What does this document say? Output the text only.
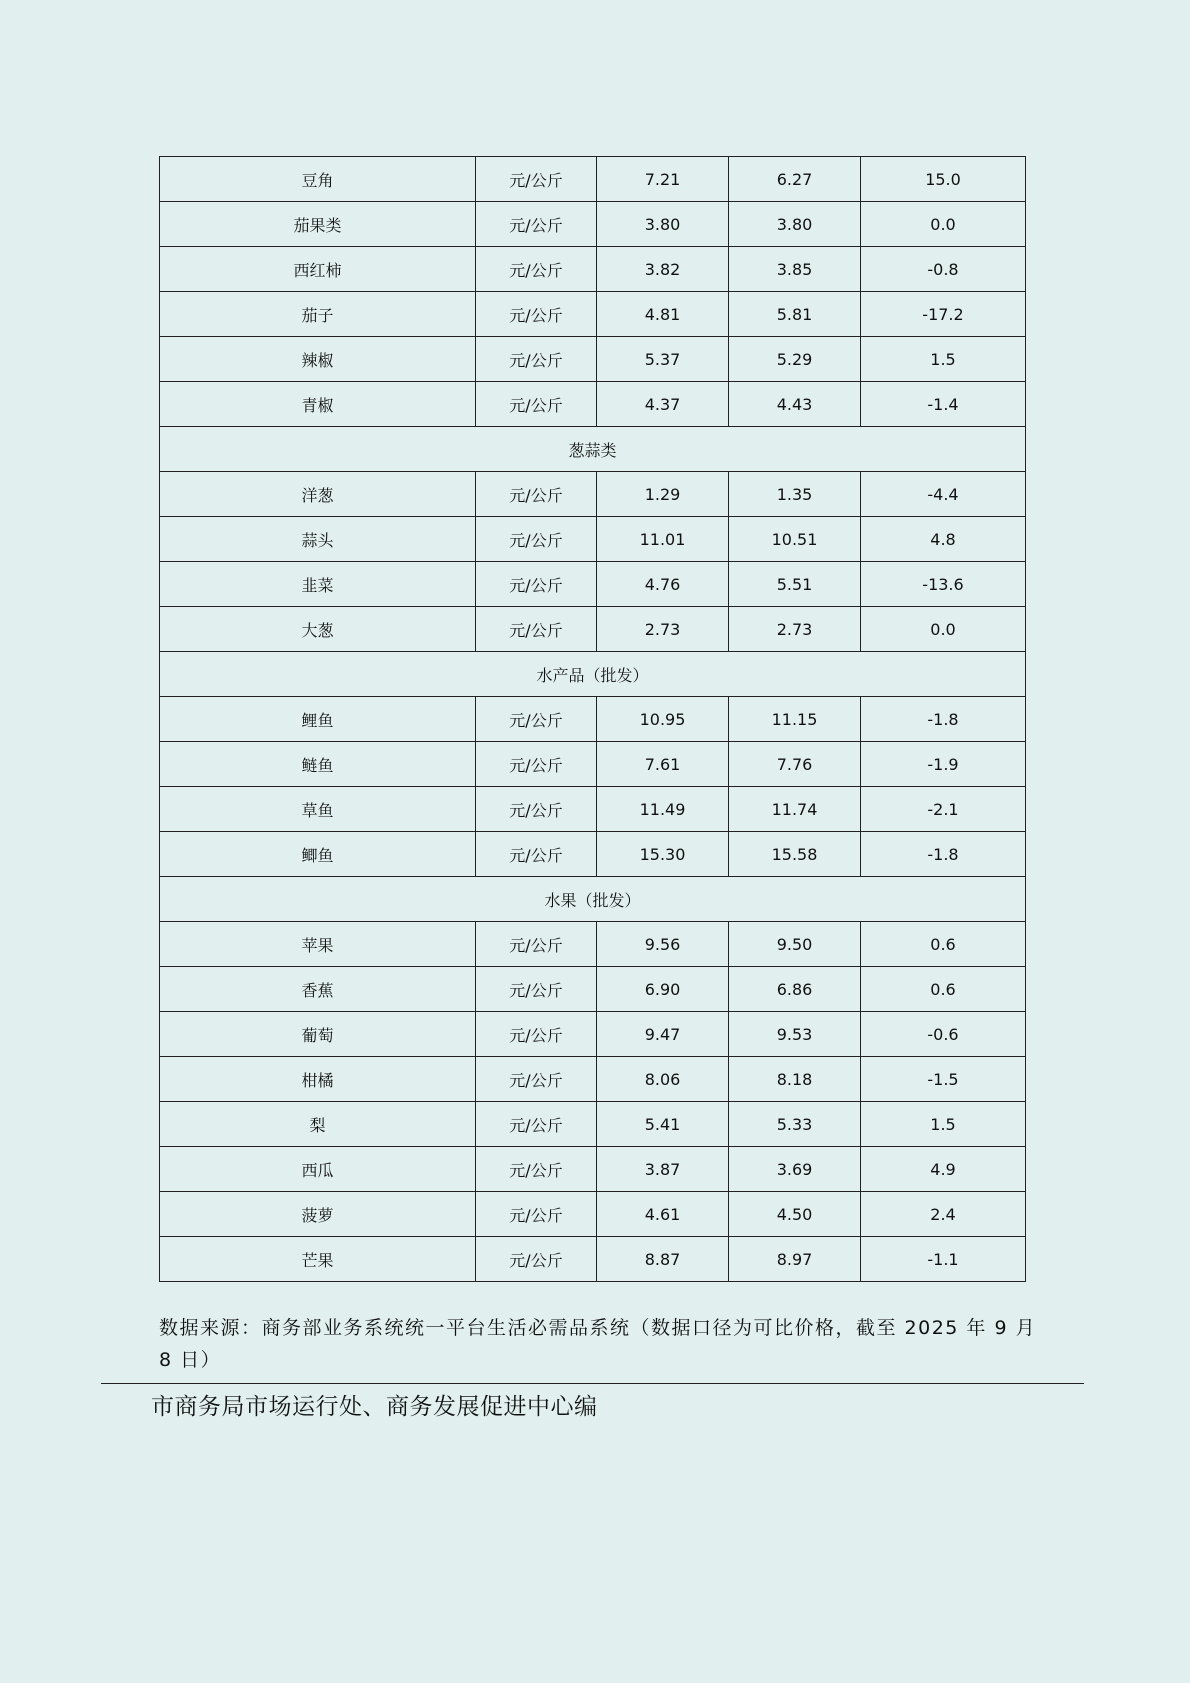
豆角	元/公斤	7.21	6.27	15.0
茄果类	元/公斤	3.80	3.80	0.0
西红柿	元/公斤	3.82	3.85	-0.8
茄子	元/公斤	4.81	5.81	-17.2
辣椒	元/公斤	5.37	5.29	1.5
青椒	元/公斤	4.37	4.43	-1.4
葱蒜类				
洋葱	元/公斤	1.29	1.35	-4.4
蒜头	元/公斤	11.01	10.51	4.8
韭菜	元/公斤	4.76	5.51	-13.6
大葱	元/公斤	2.73	2.73	0.0
水产品（批发）				
鲤鱼	元/公斤	10.95	11.15	-1.8
鲢鱼	元/公斤	7.61	7.76	-1.9
草鱼	元/公斤	11.49	11.74	-2.1
鲫鱼	元/公斤	15.30	15.58	-1.8
水果（批发）				
苹果	元/公斤	9.56	9.50	0.6
香蕉	元/公斤	6.90	6.86	0.6
葡萄	元/公斤	9.47	9.53	-0.6
柑橘	元/公斤	8.06	8.18	-1.5
梨	元/公斤	5.41	5.33	1.5
西瓜	元/公斤	3.87	3.69	4.9
菠萝	元/公斤	4.61	4.50	2.4
芒果	元/公斤	8.87	8.97	-1.1
数据来源：商务部业务系统统一平台生活必需品系统（数据口径为可比价格，截至 2025 年 9 月 8 日）
市商务局市场运行处、商务发展促进中心编
